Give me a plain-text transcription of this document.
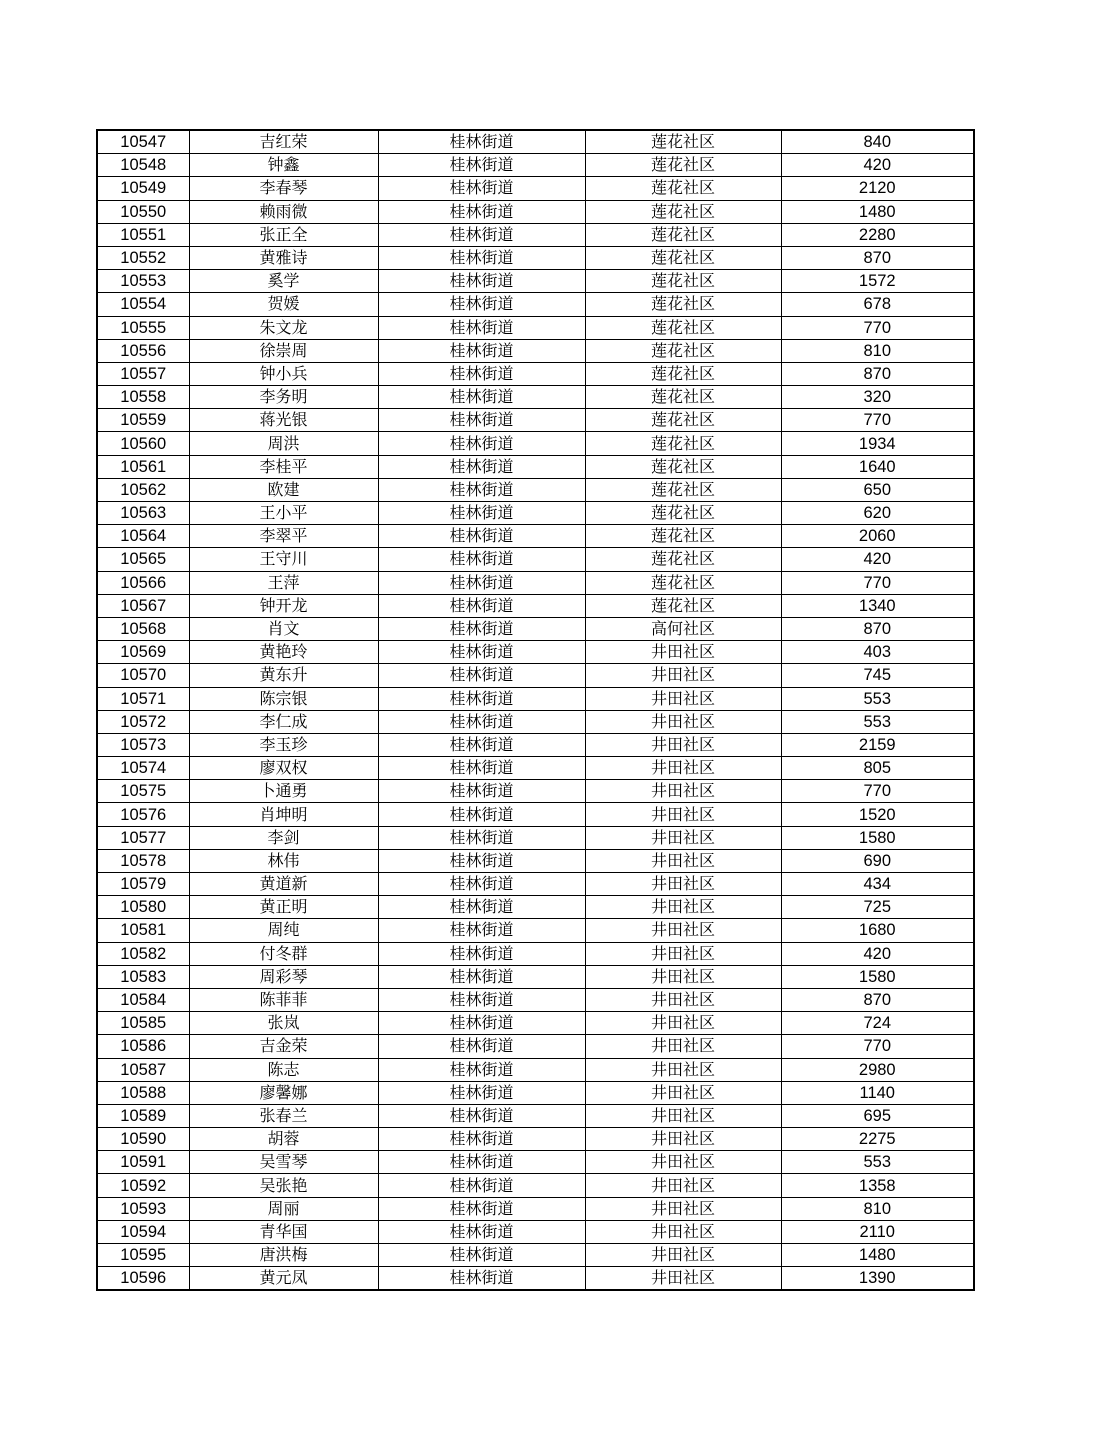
10547	吉红荣	桂林街道	莲花社区	840
10548	钟鑫	桂林街道	莲花社区	420
10549	李春琴	桂林街道	莲花社区	2120
10550	赖雨微	桂林街道	莲花社区	1480
10551	张正全	桂林街道	莲花社区	2280
10552	黄雅诗	桂林街道	莲花社区	870
10553	奚学	桂林街道	莲花社区	1572
10554	贺媛	桂林街道	莲花社区	678
10555	朱文龙	桂林街道	莲花社区	770
10556	徐崇周	桂林街道	莲花社区	810
10557	钟小兵	桂林街道	莲花社区	870
10558	李务明	桂林街道	莲花社区	320
10559	蒋光银	桂林街道	莲花社区	770
10560	周洪	桂林街道	莲花社区	1934
10561	李桂平	桂林街道	莲花社区	1640
10562	欧建	桂林街道	莲花社区	650
10563	王小平	桂林街道	莲花社区	620
10564	李翠平	桂林街道	莲花社区	2060
10565	王守川	桂林街道	莲花社区	420
10566	王萍	桂林街道	莲花社区	770
10567	钟开龙	桂林街道	莲花社区	1340
10568	肖文	桂林街道	高何社区	870
10569	黄艳玲	桂林街道	井田社区	403
10570	黄东升	桂林街道	井田社区	745
10571	陈宗银	桂林街道	井田社区	553
10572	李仁成	桂林街道	井田社区	553
10573	李玉珍	桂林街道	井田社区	2159
10574	廖双权	桂林街道	井田社区	805
10575	卜通勇	桂林街道	井田社区	770
10576	肖坤明	桂林街道	井田社区	1520
10577	李剑	桂林街道	井田社区	1580
10578	林伟	桂林街道	井田社区	690
10579	黄道新	桂林街道	井田社区	434
10580	黄正明	桂林街道	井田社区	725
10581	周纯	桂林街道	井田社区	1680
10582	付冬群	桂林街道	井田社区	420
10583	周彩琴	桂林街道	井田社区	1580
10584	陈菲菲	桂林街道	井田社区	870
10585	张岚	桂林街道	井田社区	724
10586	吉金荣	桂林街道	井田社区	770
10587	陈志	桂林街道	井田社区	2980
10588	廖馨娜	桂林街道	井田社区	1140
10589	张春兰	桂林街道	井田社区	695
10590	胡蓉	桂林街道	井田社区	2275
10591	吴雪琴	桂林街道	井田社区	553
10592	吴张艳	桂林街道	井田社区	1358
10593	周丽	桂林街道	井田社区	810
10594	青华国	桂林街道	井田社区	2110
10595	唐洪梅	桂林街道	井田社区	1480
10596	黄元凤	桂林街道	井田社区	1390
